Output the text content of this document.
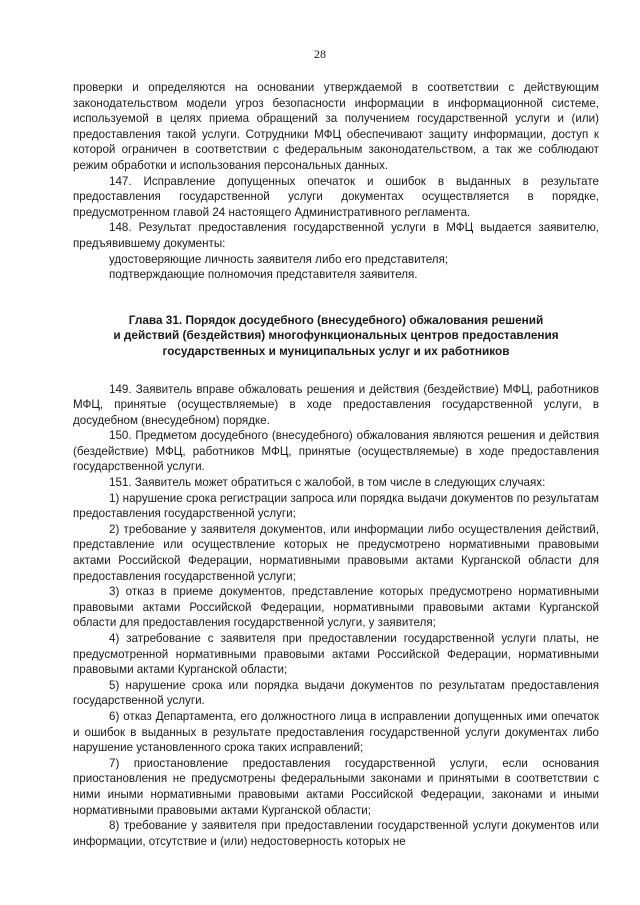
28

проверки и определяются на основании утверждаемой в соответствии с действующим законодательством модели угроз безопасности информации в информационной системе, используемой в целях приема обращений за получением государственной услуги и (или) предоставления такой услуги. Сотрудники МФЦ обеспечивают защиту информации, доступ к которой ограничен в соответствии с федеральным законодательством, а так же соблюдают режим обработки и использования персональных данных.

147. Исправление допущенных опечаток и ошибок в выданных в результате предоставления государственной услуги документах осуществляется в порядке, предусмотренном главой 24 настоящего Административного регламента.

148. Результат предоставления государственной услуги в МФЦ выдается заявителю, предъявившему документы:

удостоверяющие личность заявителя либо его представителя;

подтверждающие полномочия представителя заявителя.

Глава 31. Порядок досудебного (внесудебного) обжалования решений
и действий (бездействия) многофункциональных центров предоставления
государственных и муниципальных услуг и их работников

149. Заявитель вправе обжаловать решения и действия (бездействие) МФЦ, работников МФЦ, принятые (осуществляемые) в ходе предоставления государственной услуги, в досудебном (внесудебном) порядке.

150. Предметом досудебного (внесудебного) обжалования являются решения и действия (бездействие) МФЦ, работников МФЦ, принятые (осуществляемые) в ходе предоставления государственной услуги.

151. Заявитель может обратиться с жалобой, в том числе в следующих случаях:

1) нарушение срока регистрации запроса или порядка выдачи документов по результатам предоставления государственной услуги;

2) требование у заявителя документов, или информации либо осуществления действий, представление или осуществление которых не предусмотрено нормативными правовыми актами Российской Федерации, нормативными правовыми актами Курганской области для предоставления государственной услуги;

3) отказ в приеме документов, представление которых предусмотрено нормативными правовыми актами Российской Федерации, нормативными правовыми актами Курганской области для предоставления государственной услуги, у заявителя;

4) затребование с заявителя при предоставлении государственной услуги платы, не предусмотренной нормативными правовыми актами Российской Федерации, нормативными правовыми актами Курганской области;

5) нарушение срока или порядка выдачи документов по результатам предоставления государственной услуги.

6) отказ Департамента, его должностного лица в исправлении допущенных ими опечаток и ошибок в выданных в результате предоставления государственной услуги документах либо нарушение установленного срока таких исправлений;

7) приостановление предоставления государственной услуги, если основания приостановления не предусмотрены федеральными законами и принятыми в соответствии с ними иными нормативными правовыми актами Российской Федерации, законами и иными нормативными правовыми актами Курганской области;

8) требование у заявителя при предоставлении государственной услуги документов или информации, отсутствие и (или) недостоверность которых не
